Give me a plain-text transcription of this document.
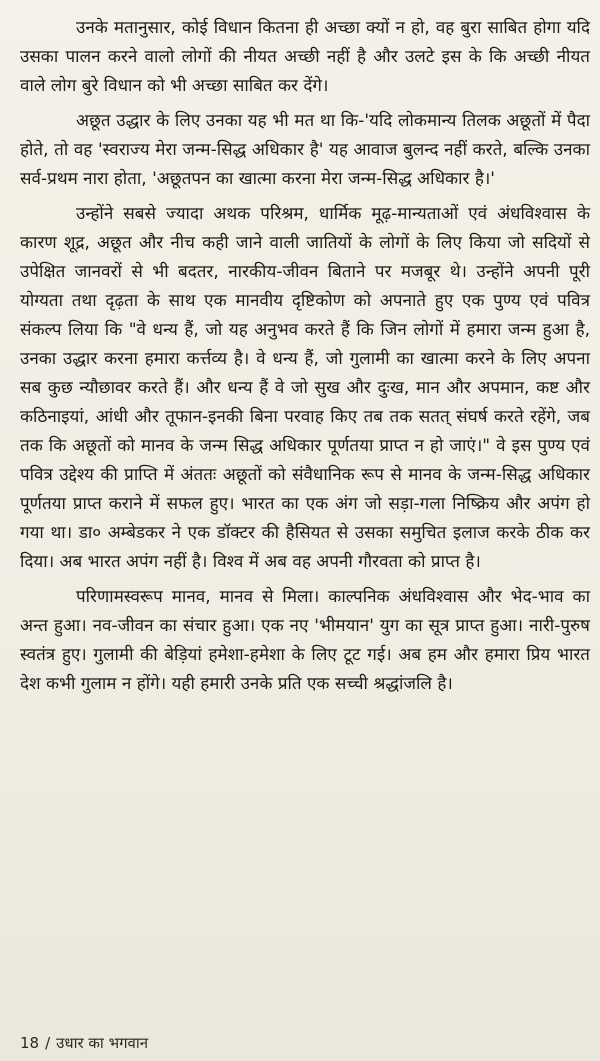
उनके मतानुसार, कोई विधान कितना ही अच्छा क्यों न हो, वह बुरा साबित होगा यदि उसका पालन करने वालो लोगों की नीयत अच्छी नहीं है और उलटे इस के कि अच्छी नीयत वाले लोग बुरे विधान को भी अच्छा साबित कर देंगे।

अछूत उद्धार के लिए उनका यह भी मत था कि-'यदि लोकमान्य तिलक अछूतों में पैदा होते, तो वह 'स्वराज्य मेरा जन्म-सिद्ध अधिकार है' यह आवाज बुलन्द नहीं करते, बल्कि उनका सर्व-प्रथम नारा होता, 'अछूतपन का खात्मा करना मेरा जन्म-सिद्ध अधिकार है।'

उन्होंने सबसे ज्यादा अथक परिश्रम, धार्मिक मूढ़-मान्यताओं एवं अंधविश्वास के कारण शूद्र, अछूत और नीच कही जाने वाली जातियों के लोगों के लिए किया जो सदियों से उपेक्षित जानवरों से भी बदतर, नारकीय-जीवन बिताने पर मजबूर थे। उन्होंने अपनी पूरी योग्यता तथा दृढ़ता के साथ एक मानवीय दृष्टिकोण को अपनाते हुए एक पुण्य एवं पवित्र संकल्प लिया कि "वे धन्य हैं, जो यह अनुभव करते हैं कि जिन लोगों में हमारा जन्म हुआ है, उनका उद्धार करना हमारा कर्त्तव्य है। वे धन्य हैं, जो गुलामी का खात्मा करने के लिए अपना सब कुछ न्यौछावर करते हैं। और धन्य हैं वे जो सुख और दुःख, मान और अपमान, कष्ट और कठिनाइयां, आंधी और तूफान-इनकी बिना परवाह किए तब तक सतत् संघर्ष करते रहेंगे, जब तक कि अछूतों को मानव के जन्म सिद्ध अधिकार पूर्णतया प्राप्त न हो जाएं।" वे इस पुण्य एवं पवित्र उद्देश्य की प्राप्ति में अंततः अछूतों को संवैधानिक रूप से मानव के जन्म-सिद्ध अधिकार पूर्णतया प्राप्त कराने में सफल हुए। भारत का एक अंग जो सड़ा-गला निष्क्रिय और अपंग हो गया था। डा० अम्बेडकर ने एक डॉक्टर की हैसियत से उसका समुचित इलाज करके ठीक कर दिया। अब भारत अपंग नहीं है। विश्व में अब वह अपनी गौरवता को प्राप्त है।

परिणामस्वरूप मानव, मानव से मिला। काल्पनिक अंधविश्वास और भेद-भाव का अन्त हुआ। नव-जीवन का संचार हुआ। एक नए 'भीमयान' युग का सूत्र प्राप्त हुआ। नारी-पुरुष स्वतंत्र हुए। गुलामी की बेड़ियां हमेशा-हमेशा के लिए टूट गई। अब हम और हमारा प्रिय भारत देश कभी गुलाम न होंगे। यही हमारी उनके प्रति एक सच्ची श्रद्धांजलि है।

18 / उधार का भगवान
